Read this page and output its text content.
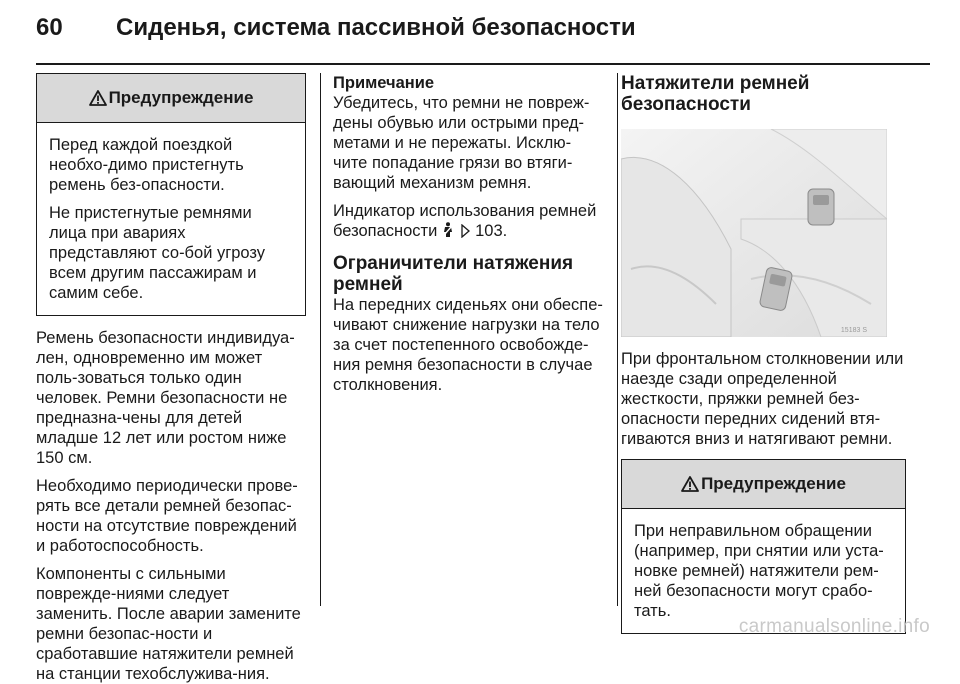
60 Сиденья, система пассивной безопасности
Предупреждение

Перед каждой поездкой необхо-димо пристегнуть ремень без-опасности.

Не пристегнутые ремнями лица при авариях представляют со-бой угрозу всем другим пассажирам и самим себе.

Ремень безопасности индивидуа-лен, одновременно им может поль-зоваться только один человек. Ремни безопасности не предназна-чены для детей младше 12 лет или ростом ниже 150 см.

Необходимо периодически прове-рять все детали ремней безопас-ности на отсутствие повреждений и работоспособность.

Компоненты с сильными поврежде-ниями следует заменить. После аварии замените ремни безопас-ности и сработавшие натяжители ремней на станции техобслужива-ния.

Примечание

Убедитесь, что ремни не повреж-дены обувью или острыми пред-метами и не пережаты. Исклю-чите попадание грязи во втяги-вающий механизм ремня.

Индикатор использования ремней безопасности 103.

Ограничители натяжения ремней

На передних сиденьях они обеспе-чивают снижение нагрузки на тело за счет постепенного освобожде-ния ремня безопасности в случае столкновения.

Натяжители ремней безопасности

15183 S

При фронтальном столкновении или наезде сзади определенной жесткости, пряжки ремней без-опасности передних сидений втя-гиваются вниз и натягивают ремни.

Предупреждение

При неправильном обращении (например, при снятии или уста-новке ремней) натяжители рем-ней безопасности могут срабо-тать.

carmanualsonline.info
